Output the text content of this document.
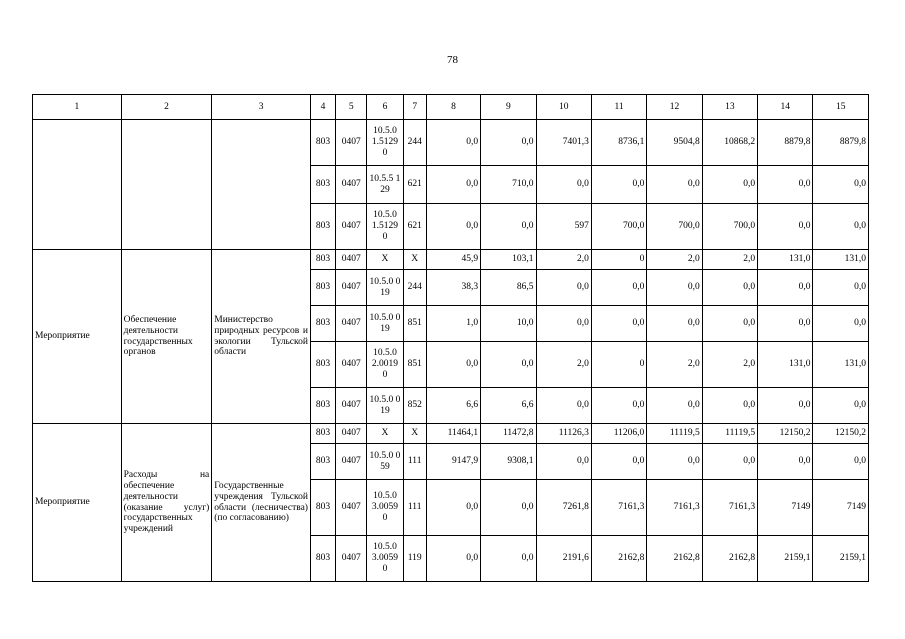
78
1	2	3	4	5	6	7	8	9	10	11	12	13	14	15
			803	0407	10.5.0 1.5129 0	244	0,0	0,0	7401,3	8736,1	9504,8	10868,2	8879,8	8879,8
			803	0407	10.5.5 129	621	0,0	710,0	0,0	0,0	0,0	0,0	0,0	0,0
			803	0407	10.5.0 1.5129 0	621	0,0	0,0	597	700,0	700,0	700,0	0,0	0,0
Мероприятие	Обеспечение деятельности государственных органов	Министерство природных ресурсов и экологии Тульской области	803	0407	X	X	45,9	103,1	2,0	0	2,0	2,0	131,0	131,0
			803	0407	10.5.0 019	244	38,3	86,5	0,0	0,0	0,0	0,0	0,0	0,0
			803	0407	10.5.0 019	851	1,0	10,0	0,0	0,0	0,0	0,0	0,0	0,0
			803	0407	10.5.0 2.0019 0	851	0,0	0,0	2,0	0	2,0	2,0	131,0	131,0
			803	0407	10.5.0 019	852	6,6	6,6	0,0	0,0	0,0	0,0	0,0	0,0
Мероприятие	Расходы на обеспечение деятельности (оказание услуг) государственных учреждений	Государственные учреждения Тульской области (лесничества) (по согласованию)	803	0407	X	X	11464,1	11472,8	11126,3	11206,0	11119,5	11119,5	12150,2	12150,2
			803	0407	10.5.0 059	111	9147,9	9308,1	0,0	0,0	0,0	0,0	0,0	0,0
			803	0407	10.5.0 3.0059 0	111	0,0	0,0	7261,8	7161,3	7161,3	7161,3	7149	7149
			803	0407	10.5.0 3.0059 0	119	0,0	0,0	2191,6	2162,8	2162,8	2162,8	2159,1	2159,1
